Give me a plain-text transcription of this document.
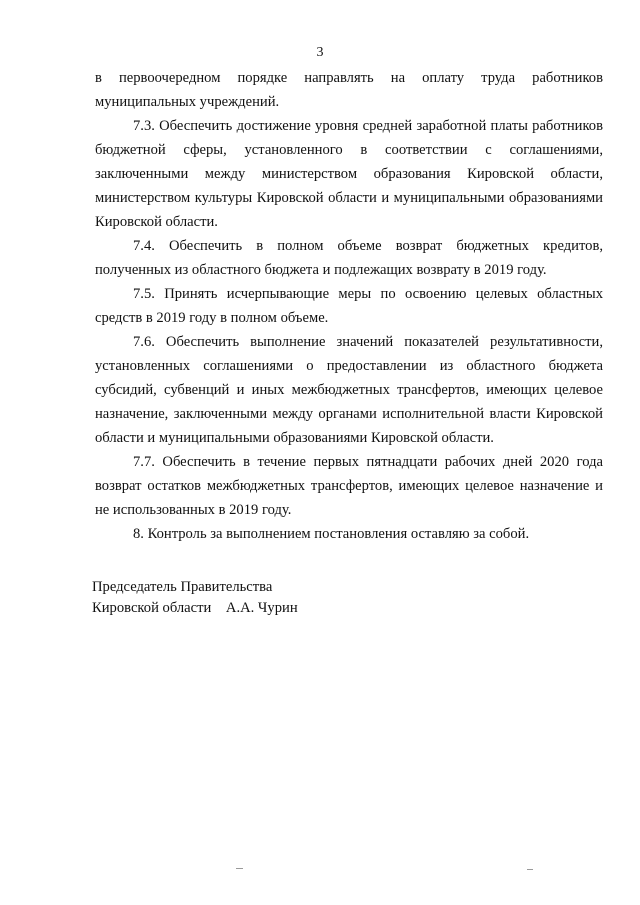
3

в первоочередном порядке направлять на оплату труда работников муниципальных учреждений.

7.3. Обеспечить достижение уровня средней заработной платы работников бюджетной сферы, установленного в соответствии с соглашениями, заключенными между министерством образования Кировской области, министерством культуры Кировской области и муниципальными образованиями Кировской области.

7.4. Обеспечить в полном объеме возврат бюджетных кредитов, полученных из областного бюджета и подлежащих возврату в 2019 году.

7.5. Принять исчерпывающие меры по освоению целевых областных средств в 2019 году в полном объеме.

7.6. Обеспечить выполнение значений показателей результативности, установленных соглашениями о предоставлении из областного бюджета субсидий, субвенций и иных межбюджетных трансфертов, имеющих целевое назначение, заключенными между органами исполнительной власти Кировской области и муниципальными образованиями Кировской области.

7.7. Обеспечить в течение первых пятнадцати рабочих дней 2020 года возврат остатков межбюджетных трансфертов, имеющих целевое назначение и не использованных в 2019 году.

8. Контроль за выполнением постановления оставляю за собой.

Председатель Правительства
Кировской области    А.А. Чурин
